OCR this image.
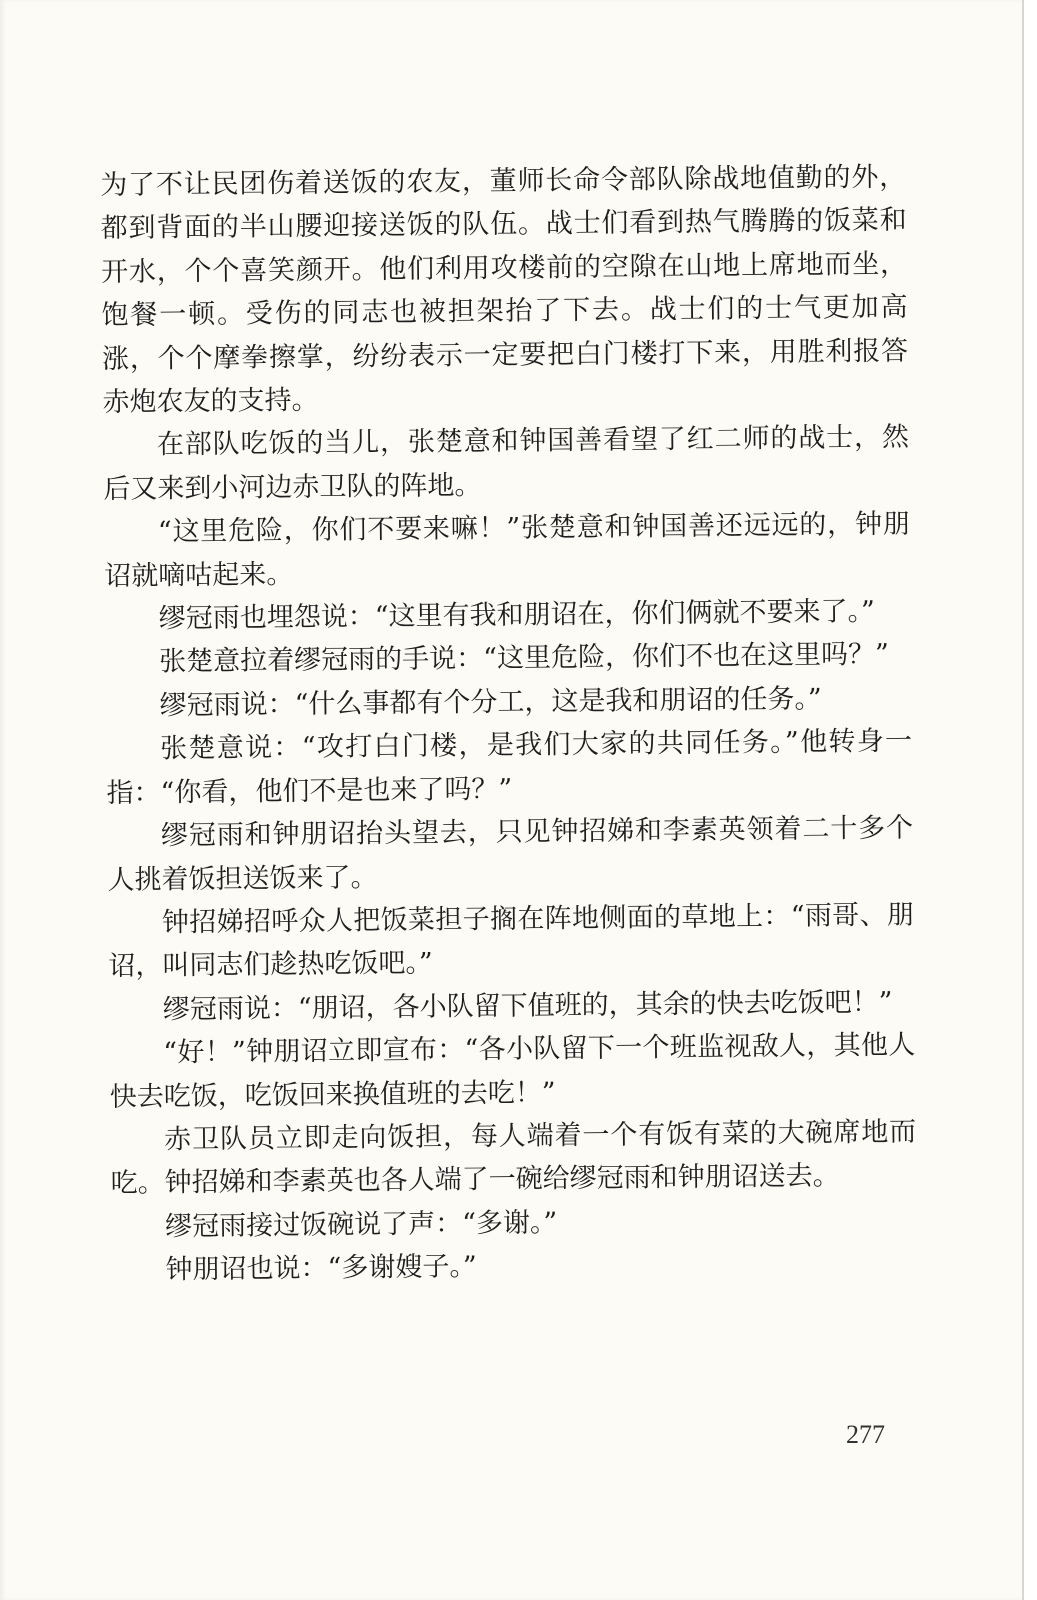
为了不让民团伤着送饭的农友，董师长命令部队除战地值勤的外，都到背面的半山腰迎接送饭的队伍。战士们看到热气腾腾的饭菜和开水，个个喜笑颜开。他们利用攻楼前的空隙在山地上席地而坐，饱餐一顿。受伤的同志也被担架抬了下去。战士们的士气更加高涨，个个摩拳擦掌，纷纷表示一定要把白门楼打下来，用胜利报答赤炮农友的支持。

在部队吃饭的当儿，张楚意和钟国善看望了红二师的战士，然后又来到小河边赤卫队的阵地。

“这里危险，你们不要来嘛！”张楚意和钟国善还远远的，钟朋诏就嘀咕起来。

缪冠雨也埋怨说：“这里有我和朋诏在，你们俩就不要来了。”

张楚意拉着缪冠雨的手说：“这里危险，你们不也在这里吗？”

缪冠雨说：“什么事都有个分工，这是我和朋诏的任务。”

张楚意说：“攻打白门楼，是我们大家的共同任务。”他转身一指：“你看，他们不是也来了吗？”

缪冠雨和钟朋诏抬头望去，只见钟招娣和李素英领着二十多个人挑着饭担送饭来了。

钟招娣招呼众人把饭菜担子搁在阵地侧面的草地上：“雨哥、朋诏，叫同志们趁热吃饭吧。”

缪冠雨说：“朋诏，各小队留下值班的，其余的快去吃饭吧！”

“好！”钟朋诏立即宣布：“各小队留下一个班监视敌人，其他人快去吃饭，吃饭回来换值班的去吃！”

赤卫队员立即走向饭担，每人端着一个有饭有菜的大碗席地而吃。钟招娣和李素英也各人端了一碗给缪冠雨和钟朋诏送去。

缪冠雨接过饭碗说了声：“多谢。”

钟朋诏也说：“多谢嫂子。”

277
